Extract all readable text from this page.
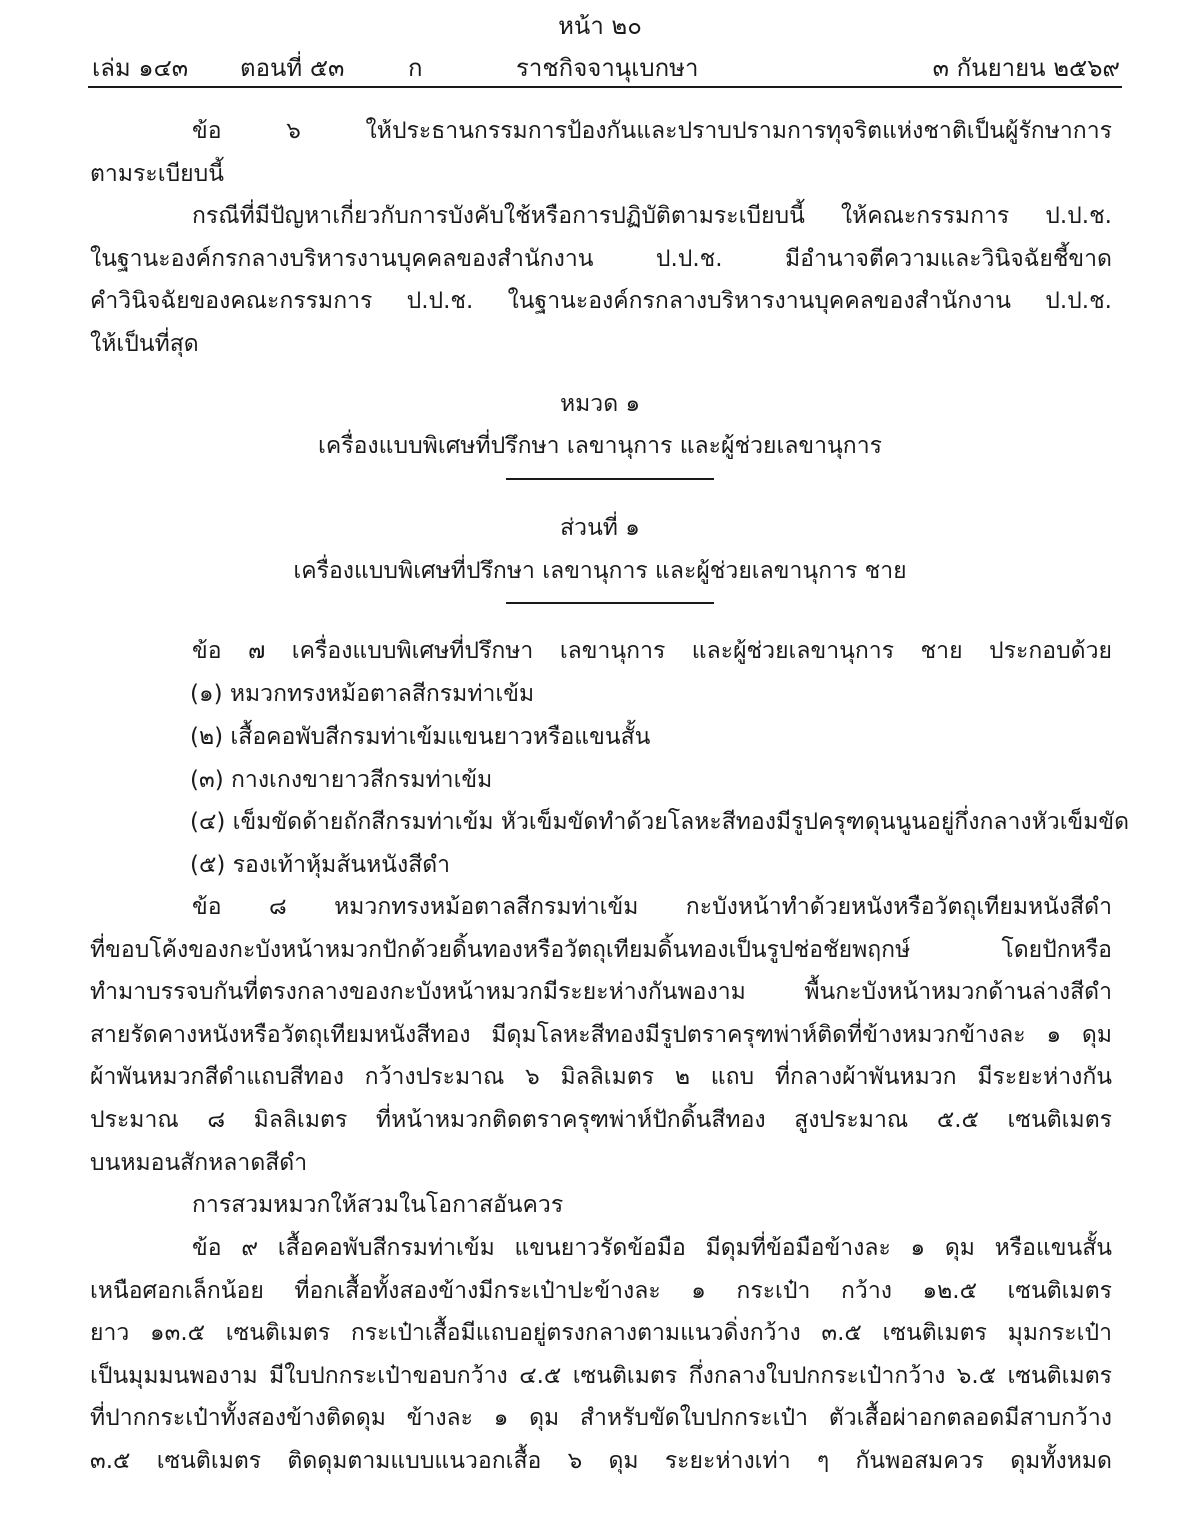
หน้า ๒๐
เล่ม ๑๔๓ ตอนที่ ๕๓	ก	ราชกิจจานุเบกษา	๓ กันยายน ๒๕๖๙
ข้อ ๖ ให้ประธานกรรมการป้องกันและปราบปรามการทุจริตแห่งชาติเป็นผู้รักษาการ
ตามระเบียบนี้
กรณีที่มีปัญหาเกี่ยวกับการบังคับใช้หรือการปฏิบัติตามระเบียบนี้ ให้คณะกรรมการ ป.ป.ช.
ในฐานะองค์กรกลางบริหารงานบุคคลของสำนักงาน ป.ป.ช. มีอำนาจตีความและวินิจฉัยชี้ขาด
คำวินิจฉัยของคณะกรรมการ ป.ป.ช. ในฐานะองค์กรกลางบริหารงานบุคคลของสำนักงาน ป.ป.ช.
ให้เป็นที่สุด
หมวด ๑
เครื่องแบบพิเศษที่ปรึกษา เลขานุการ และผู้ช่วยเลขานุการ
ส่วนที่ ๑
เครื่องแบบพิเศษที่ปรึกษา เลขานุการ และผู้ช่วยเลขานุการ ชาย
ข้อ ๗ เครื่องแบบพิเศษที่ปรึกษา เลขานุการ และผู้ช่วยเลขานุการ ชาย ประกอบด้วย
(๑) หมวกทรงหม้อตาลสีกรมท่าเข้ม
(๒) เสื้อคอพับสีกรมท่าเข้มแขนยาวหรือแขนสั้น
(๓) กางเกงขายาวสีกรมท่าเข้ม
(๔) เข็มขัดด้ายถักสีกรมท่าเข้ม หัวเข็มขัดทำด้วยโลหะสีทองมีรูปครุฑดุนนูนอยู่กึ่งกลางหัวเข็มขัด
(๕) รองเท้าหุ้มส้นหนังสีดำ
ข้อ ๘ หมวกทรงหม้อตาลสีกรมท่าเข้ม กะบังหน้าทำด้วยหนังหรือวัตถุเทียมหนังสีดำ
ที่ขอบโค้งของกะบังหน้าหมวกปักด้วยดิ้นทองหรือวัตถุเทียมดิ้นทองเป็นรูปช่อชัยพฤกษ์ โดยปักหรือ
ทำมาบรรจบกันที่ตรงกลางของกะบังหน้าหมวกมีระยะห่างกันพองาม พื้นกะบังหน้าหมวกด้านล่างสีดำ
สายรัดคางหนังหรือวัตถุเทียมหนังสีทอง มีดุมโลหะสีทองมีรูปตราครุฑพ่าห์ติดที่ข้างหมวกข้างละ ๑ ดุม
ผ้าพันหมวกสีดำแถบสีทอง กว้างประมาณ ๖ มิลลิเมตร ๒ แถบ ที่กลางผ้าพันหมวก มีระยะห่างกัน
ประมาณ ๘ มิลลิเมตร ที่หน้าหมวกติดตราครุฑพ่าห์ปักดิ้นสีทอง สูงประมาณ ๕.๕ เซนติเมตร
บนหมอนสักหลาดสีดำ
การสวมหมวกให้สวมในโอกาสอันควร
ข้อ ๙ เสื้อคอพับสีกรมท่าเข้ม แขนยาวรัดข้อมือ มีดุมที่ข้อมือข้างละ ๑ ดุม หรือแขนสั้น
เหนือศอกเล็กน้อย ที่อกเสื้อทั้งสองข้างมีกระเป๋าปะข้างละ ๑ กระเป๋า กว้าง ๑๒.๕ เซนติเมตร
ยาว ๑๓.๕ เซนติเมตร กระเป๋าเสื้อมีแถบอยู่ตรงกลางตามแนวดิ่งกว้าง ๓.๕ เซนติเมตร มุมกระเป๋า
เป็นมุมมนพองาม มีใบปกกระเป๋าขอบกว้าง ๔.๕ เซนติเมตร กึ่งกลางใบปกกระเป๋ากว้าง ๖.๕ เซนติเมตร
ที่ปากกระเป๋าทั้งสองข้างติดดุม ข้างละ ๑ ดุม สำหรับขัดใบปกกระเป๋า ตัวเสื้อผ่าอกตลอดมีสาบกว้าง
๓.๕ เซนติเมตร ติดดุมตามแบบแนวอกเสื้อ ๖ ดุม ระยะห่างเท่า ๆ กันพอสมควร ดุมทั้งหมด
